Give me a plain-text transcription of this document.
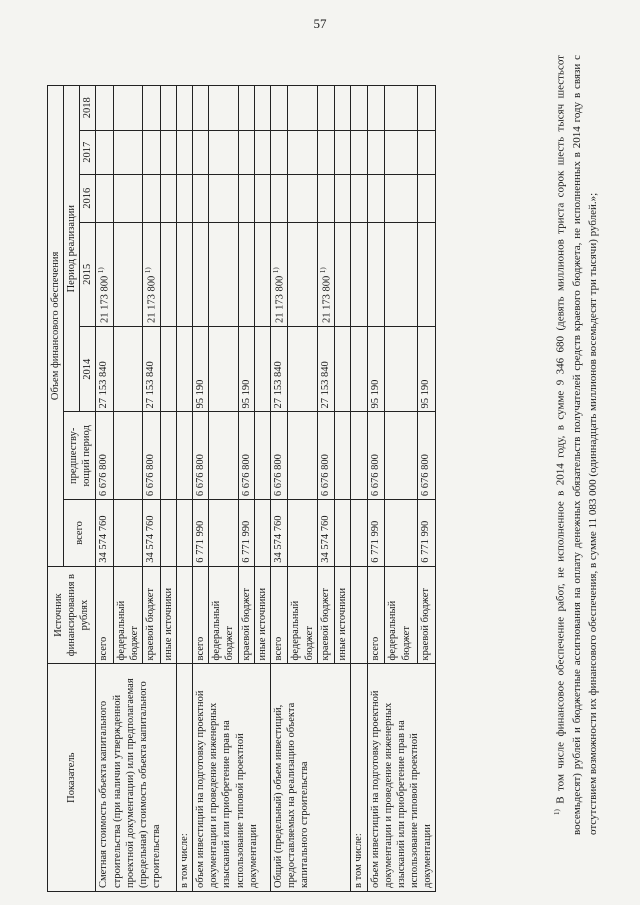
57
Показатель	Источник финансирования в рублях	Объем финансового обеспечения						
		всего	предшеству-ющий период	Период реализации				
				2014	2015	2016	2017	2018
Сметная стоимость объекта капитального строительства (при наличии утвержденной проектной документации) или предполагаемая (предельная) стоимость объекта капитального строительства	всего	34 574 760	6 676 800	27 153 840	21 173 800 $^{1)}$			
	федеральный бюджет							
	краевой бюджет	34 574 760	6 676 800	27 153 840	21 173 800 $^{1)}$			
	иные источники							
в том числе:								
объем инвестиций на подготовку проектной документации и проведение инженерных изысканий или приобретение прав на использование типовой проектной документации	всего	6 771 990	6 676 800	95 190				
	федеральный бюджет							
	краевой бюджет	6 771 990	6 676 800	95 190				
	иные источники							
Общий (предельный) объем инвестиций, предоставляемых на реализацию объекта капитального строительства	всего	34 574 760	6 676 800	27 153 840	21 173 800 $^{1)}$			
	федеральный бюджет							
	краевой бюджет	34 574 760	6 676 800	27 153 840	21 173 800 $^{1)}$			
	иные источники							
в том числе:								
объем инвестиций на подготовку проектной документации и проведение инженерных изысканий или приобретение прав на использование типовой проектной документации	всего	6 771 990	6 676 800	95 190				
	федеральный бюджет							
	краевой бюджет	6 771 990	6 676 800	95 190				
$^{1)}$ В том числе финансовое обеспечение работ, не исполненное в 2014 году, в сумме 9 346 680 (девять миллионов триста сорок шесть тысяч шестьсот восемьдесят) рублей и бюджетные ассигнования на оплату денежных обязательств получателей средств краевого бюджета, не исполненных в 2014 году в связи с отсутствием возможности их финансового обеспечения, в сумме 11 083 000 (одиннадцать миллионов восемьдесят три тысячи) рублей.»;
